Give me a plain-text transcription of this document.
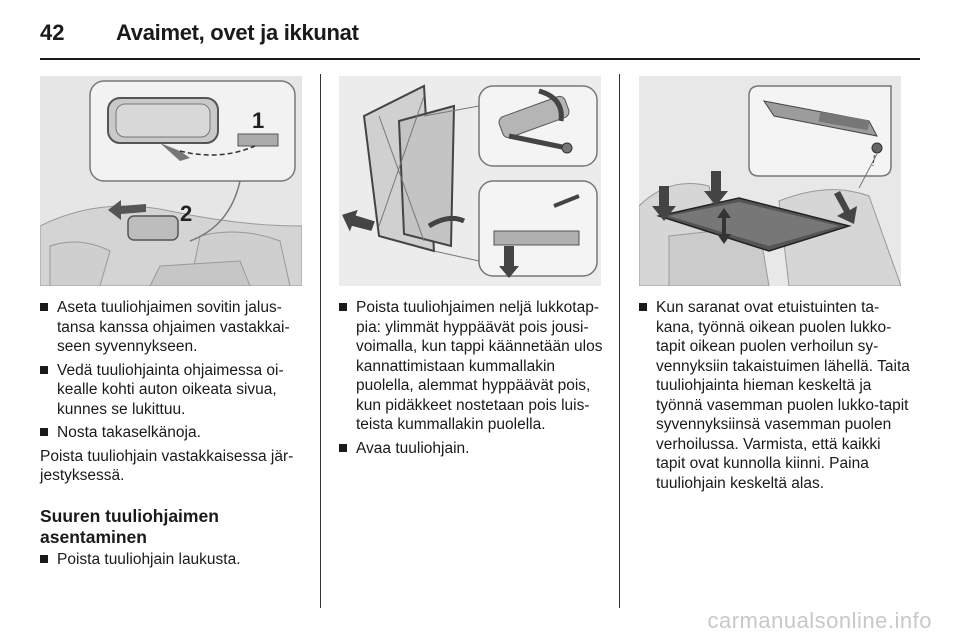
42 Avaimet, ovet ja ikkunat
1
2
Aseta tuuliohjaimen sovitin jalus-tansa kanssa ohjaimen vastakkai-seen syvennykseen.
Vedä tuuliohjainta ohjaimessa oi-kealle kohti auton oikeata sivua, kunnes se lukittuu.
Nosta takaselkänoja.

Poista tuuliohjain vastakkaisessa jär-jestyksessä.

Suuren tuuliohjaimen asentaminen
Poista tuuliohjain laukusta.
Poista tuuliohjaimen neljä lukkotap-pia: ylimmät hyppäävät pois jousi-voimalla, kun tappi käännetään ulos kannattimistaan kummallakin puolella, alemmat hyppäävät pois, kun pidäkkeet nostetaan pois luis-teista kummallakin puolella.
Avaa tuuliohjain.
Kun saranat ovat etuistuinten ta-kana, työnnä oikean puolen lukko-tapit oikean puolen verhoilun sy-vennyksiin takaistuimen lähellä. Taita tuuliohjainta hieman keskeltä ja työnnä vasemman puolen lukko-tapit syvennyksiinsä vasemman puolen verhoilussa. Varmista, että kaikki tapit ovat kunnolla kiinni. Paina tuuliohjain keskeltä alas.
carmanualsonline.info
